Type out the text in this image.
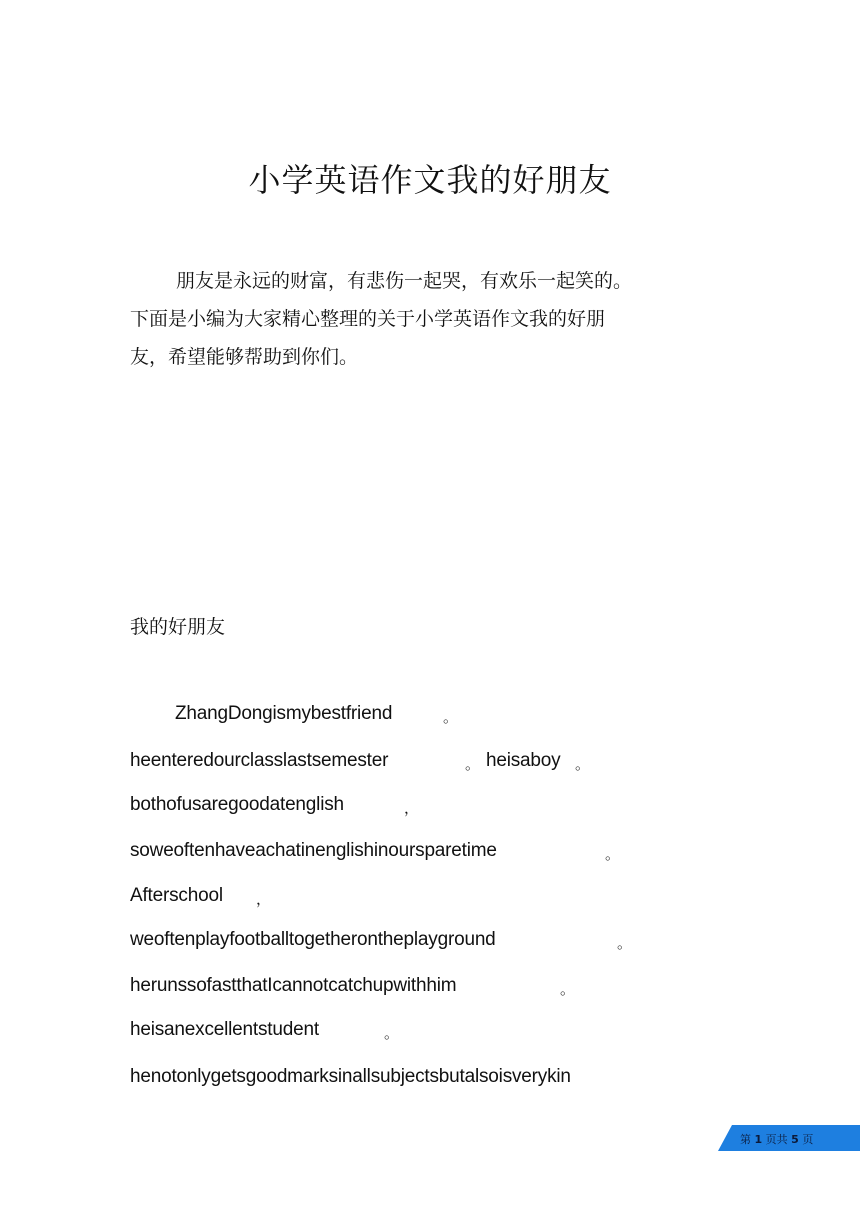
小学英语作文我的好朋友
朋友是永远的财富，有悲伤一起哭，有欢乐一起笑的。
下面是小编为大家精心整理的关于小学英语作文我的好朋
友，希望能够帮助到你们。
我的好朋友
ZhangDongismybestfriend	。
heenteredourclasslastsemester	。 heisaboy 。
bothofusaregoodatenglish	，
soweoftenhaveachatinenglishinoursparetime	。
Afterschool ，
weoftenplayfootballtogetherontheplayground	。
herunssofastthatIcannotcatchupwithhim	。
heisanexcellentstudent	。
henotonlygetsgoodmarksinallsubjectsbutalsoisverykin
第 1 页共 5 页
